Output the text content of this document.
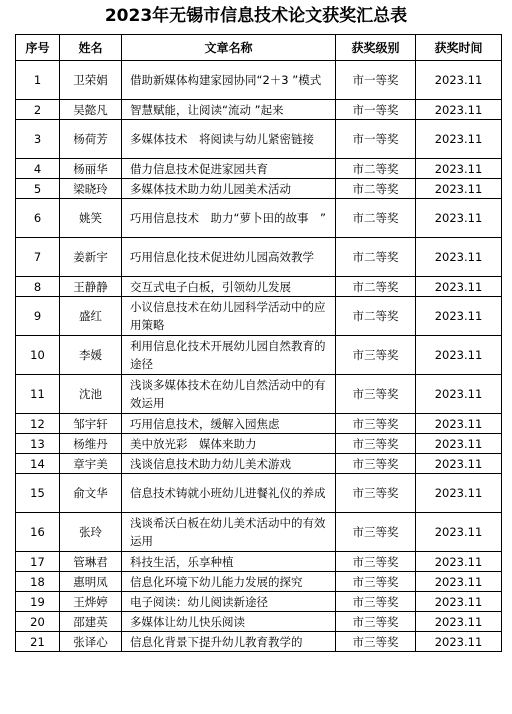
2023年无锡市信息技术论文获奖汇总表
序号	姓名	文章名称	获奖级别	获奖时间
1	卫荣娟	借助新媒体构建家园协同“2＋3 ”模式	市一等奖	2023.11
2	吴懿凡	智慧赋能，让阅读“流动 ”起来	市一等奖	2023.11
3	杨荷芳	多媒体技术　将阅读与幼儿紧密链接	市一等奖	2023.11
4	杨丽华	借力信息技术促进家园共育	市二等奖	2023.11
5	梁晓玲	多媒体技术助力幼儿园美术活动	市二等奖	2023.11
6	姚笑	巧用信息技术　助力“萝卜田的故事　”	市二等奖	2023.11
7	姜新宇	巧用信息化技术促进幼儿园高效教学	市二等奖	2023.11
8	王静静	交互式电子白板，引领幼儿发展	市二等奖	2023.11
9	盛红	小议信息技术在幼儿园科学活动中的应用策略	市二等奖	2023.11
10	李媛	利用信息化技术开展幼儿园自然教育的途径	市三等奖	2023.11
11	沈池	浅谈多媒体技术在幼儿自然活动中的有效运用	市三等奖	2023.11
12	邹宇轩	巧用信息技术，缓解入园焦虑	市三等奖	2023.11
13	杨维丹	美中放光彩　媒体来助力	市三等奖	2023.11
14	章宇美	浅谈信息技术助力幼儿美术游戏	市三等奖	2023.11
15	俞文华	信息技术铸就小班幼儿进餐礼仪的养成	市三等奖	2023.11
16	张玲	浅谈希沃白板在幼儿美术活动中的有效运用	市三等奖	2023.11
17	管琳君	科技生活，乐享种植	市三等奖	2023.11
18	惠明凤	信息化环境下幼儿能力发展的探究	市三等奖	2023.11
19	王烨婷	电子阅读：幼儿阅读新途径	市三等奖	2023.11
20	邵建英	多媒体让幼儿快乐阅读	市三等奖	2023.11
21	张译心	信息化背景下提升幼儿教育教学的	市三等奖	2023.11
